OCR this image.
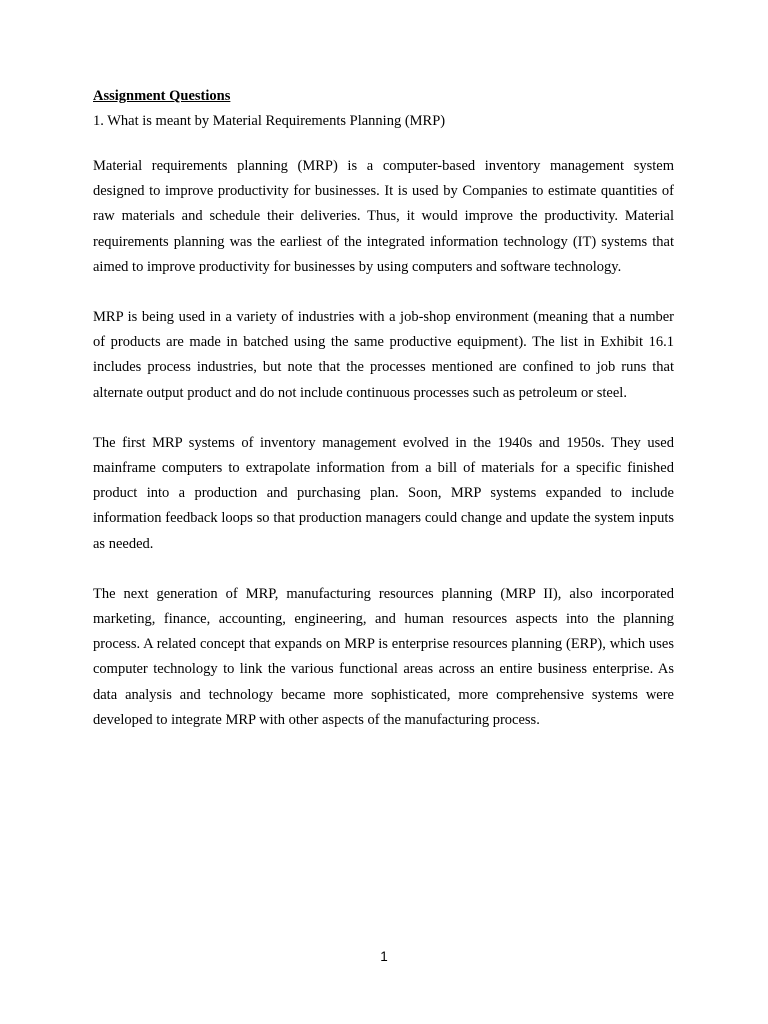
Assignment Questions

1. What is meant by Material Requirements Planning (MRP)

Material requirements planning (MRP) is a computer-based inventory management system designed to improve productivity for businesses. It is used by Companies to estimate quantities of raw materials and schedule their deliveries. Thus, it would improve the productivity. Material requirements planning was the earliest of the integrated information technology (IT) systems that aimed to improve productivity for businesses by using computers and software technology.

MRP is being used in a variety of industries with a job-shop environment (meaning that a number of products are made in batched using the same productive equipment). The list in Exhibit 16.1 includes process industries, but note that the processes mentioned are confined to job runs that alternate output product and do not include continuous processes such as petroleum or steel.

The first MRP systems of inventory management evolved in the 1940s and 1950s. They used mainframe computers to extrapolate information from a bill of materials for a specific finished product into a production and purchasing plan. Soon, MRP systems expanded to include information feedback loops so that production managers could change and update the system inputs as needed.

The next generation of MRP, manufacturing resources planning (MRP II), also incorporated marketing, finance, accounting, engineering, and human resources aspects into the planning process. A related concept that expands on MRP is enterprise resources planning (ERP), which uses computer technology to link the various functional areas across an entire business enterprise. As data analysis and technology became more sophisticated, more comprehensive systems were developed to integrate MRP with other aspects of the manufacturing process.

1
